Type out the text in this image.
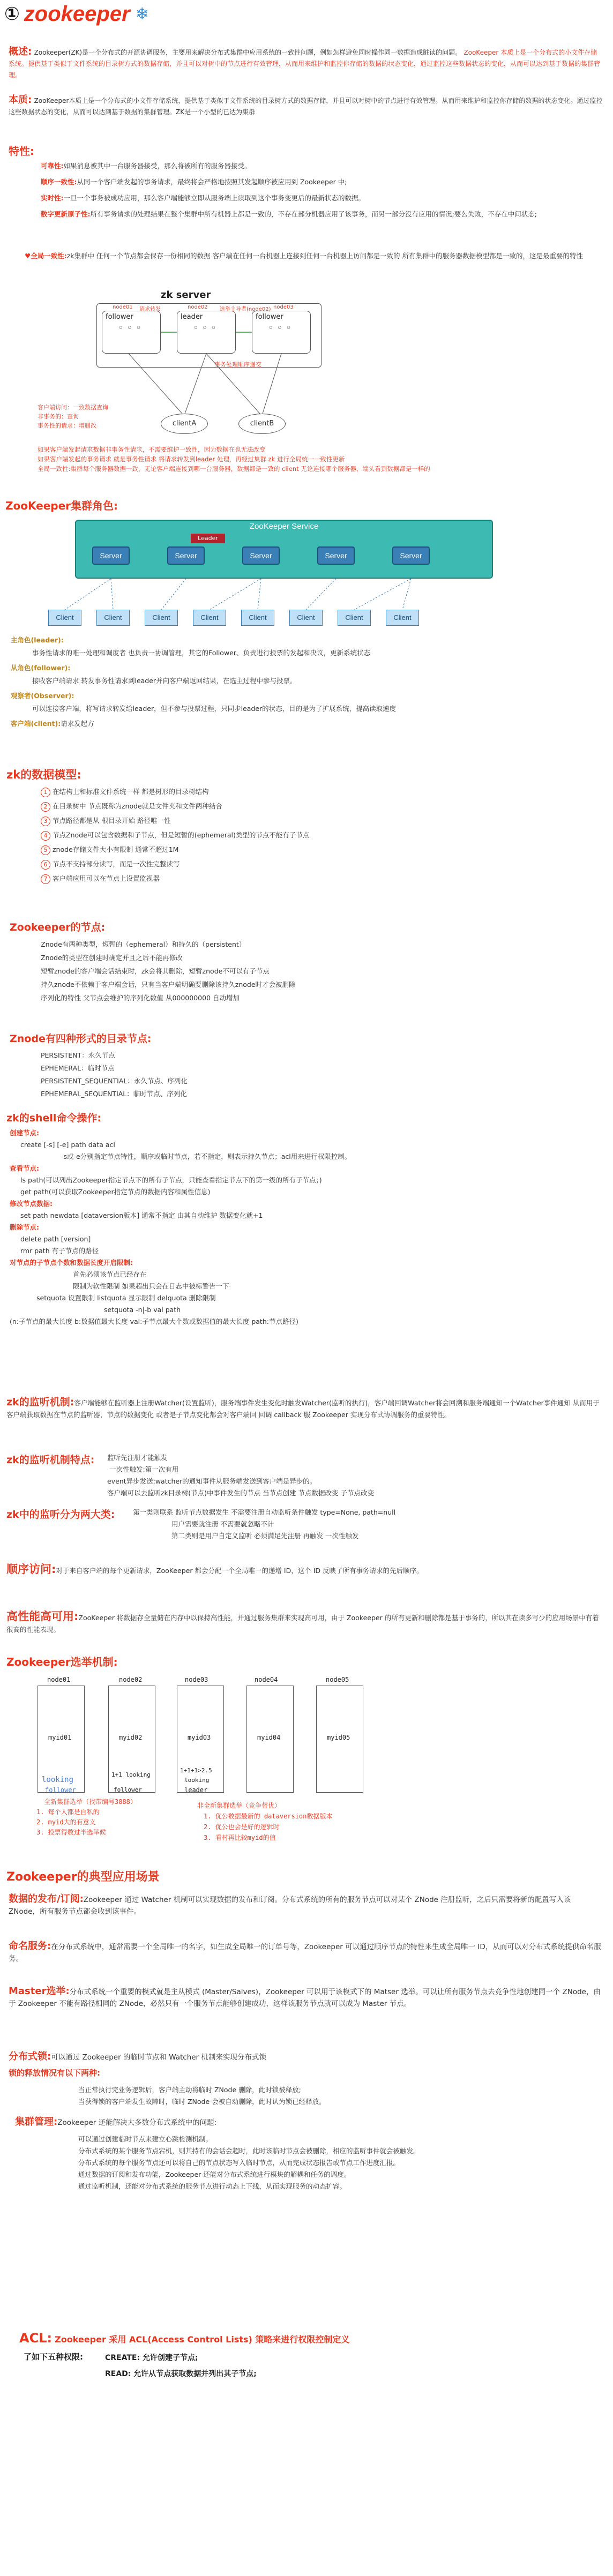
① zookeeper ❄
概述: Zookeeper(ZK)是一个分布式的开源协调服务，主要用来解决分布式集群中应用系统的一致性问题，例如怎样避免同时操作同一数据造成脏读的问题。 ZooKeeper 本质上是一个分布式的小文件存储系统。提供基于类似于文件系统的目录树方式的数据存储，并且可以对树中的节点进行有效管理，从而用来维护和监控你存储的数据的状态变化，通过监控这些数据状态的变化，从而可以达到基于数据的集群管理。
本质: ZooKeeper本质上是一个分布式的小文件存储系统，提供基于类似于文件系统的目录树方式的数据存储，并且可以对树中的节点进行有效管理。从而用来维护和监控你存储的数据的状态变化。通过监控这些数据状态的变化，从而可以达到基于数据的集群管理。ZK是一个小型的已达为集群
特性:
可靠性:如果消息被其中一台服务器接受，那么将被所有的服务器接受。
顺序一致性:从同一个客户端发起的事务请求，最终将会严格地按照其发起顺序被应用到 Zookeeper 中;
实时性:一旦一个事务被成功应用，那么客户端能够立即从服务端上读取到这个事务变更后的最新状态的数据。
数字更新原子性:所有事务请求的处理结果在整个集群中所有机器上都是一致的，不存在部分机器应用了该事务，而另一部分没有应用的情况;要么失败，不存在中间状态;
♥全局一致性:zk集群中 任何一个节点都会保存一份相同的数据 客户端在任何一台机器上连接到任何一台机器上访问都是一致的 所有集群中的服务器数据模型都是一致的，这是最重要的特性
zk server
follower
◦◦◦
leader
◦◦◦
follower
◦◦◦
node01 请求转发	node02 选举主导者(node02) node03
事务处理顺序递交
clientA	clientB
客户端访问：一致数据查询
非事务的：查询
事务性的请求：增删改
如果客户端发起请求数据非事务性请求，不需要维护一致性，因为数据在也无法改变
如果客户端发起的事务请求 就是事务性请求 将请求转发到leader 处理，再经过集群 zk 进行全局统一一致性更新
全局一致性:集群每个服务器数据一致，无论客户端连接到哪一台服务器，数据都是一致的 client 无论连接哪个服务器，端头看到数据都是一样的
ZooKeeper集群角色:
ZooKeeper Service
Leader
Server	Server	Server	Server	Server
Client	Client	Client	Client	Client	Client	Client	Client
主角色(leader):
事务性请求的唯一处理和调度者 也负责一协调管理，其它的Follower、负责进行投票的发起和决议，更新系统状态
从角色(follower):
接收客户端请求 转发事务性请求到leader并向客户端返回结果，在选主过程中参与投票。
观察者(Observer):
可以连接客户端，将写请求转发给leader，但不参与投票过程，只同步leader的状态，目的是为了扩展系统，提高读取速度
客户端(client):请求发起方
zk的数据模型:
1 在结构上和标准文件系统一样 都是树形的目录树结构
2 在目录树中 节点既称为znode就是文件夹和文件两种结合
3 节点路径都是从 根目录开始 路径唯一性
4 节点Znode可以包含数据和子节点，但是短暂的(ephemeral)类型的节点不能有子节点
5 znode存储文件大小有限制 通常不超过1M
6 节点不支持部分读写，而是一次性完整读写
7 客户端应用可以在节点上设置监视器
Zookeeper的节点:
Znode有两种类型，短暂的（ephemeral）和持久的（persistent）
Znode的类型在创建时确定并且之后不能再修改
短暂znode的客户端会话结束时，zk会将其删除，短暂znode不可以有子节点
持久znode不依赖于客户端会话，只有当客户端明确要删除该持久znode时才会被删除
序列化的特性 父节点会维护的序列化数值 从000000000 自动增加
Znode有四种形式的目录节点:
PERSISTENT：永久节点
EPHEMERAL：临时节点
PERSISTENT_SEQUENTIAL：永久节点、序列化
EPHEMERAL_SEQUENTIAL：临时节点、序列化
zk的shell命令操作:
创建节点:
create [-s] [-e] path data acl
-s或-e分别指定节点特性，顺序或临时节点，若不指定，则表示持久节点；acl用来进行权限控制。
查看节点:
ls path(可以列出Zookeeper指定节点下的所有子节点，只能查看指定节点下的第一级的所有子节点；)
get path(可以获取Zookeeper指定节点的数据内容和属性信息)
修改节点数据:
set path newdata [dataversion版本] 通常不指定 由其自动维护 数据变化就+1
删除节点:
delete path [version]
rmr path 有子节点的路径
对节点的子节点个数和数据长度开启限制:
首先必须该节点已经存在
限制为软性限制 如果超出只会在日志中被标警告一下
setquota 设置限制 listquota 显示限制 delquota 删除限制
setquota -n|-b val path
(n:子节点的最大长度 b:数据值最大长度 val:子节点最大个数或数据值的最大长度 path:节点路径)
zk的监听机制:客户端能够在监听器上注册Watcher(设置监听)，服务端事件发生变化时触发Watcher(监听的执行)，客户端回调Watcher将会回溯和服务端通知一个Watcher事件通知 从而用于客户端获取数据在节点的监听器，节点的数据变化 或者是子节点变化都会对客户端回 回调 callback 服 Zookeeper 实现分布式协调服务的重要特性。
zk的监听机制特点: 监听先注册才能触发
一次性触发:第一次有用
event异步发送:watcher的通知事件从服务端发送到客户端是异步的。
客户端可以去监听zk目录树(节点)中事件发生的节点 当节点创建 节点数据改变 子节点改变
zk中的监听分为两大类:	第一类则联系 监听节点数据发生 不需要注册自动监听条件触发 type=None, path=null
用户需要就注册 不需要就忽略不计
第二类则是用户自定义监听 必须满足先注册 再触发 一次性触发
顺序访问:对于来自客户端的每个更新请求，ZooKeeper 都会分配一个全局唯一的递增 ID，这个 ID 反映了所有事务请求的先后顺序。
高性能高可用:ZooKeeper 将数据存全量储在内存中以保持高性能，并通过服务集群来实现高可用，由于 Zookeeper 的所有更新和删除都是基于事务的，所以其在读多写少的应用场景中有着很高的性能表现。
Zookeeper选举机制:
node01	node02	node03	node04	node05
myid01	myid02	myid03	myid04	myid05
looking
follower
1+1 looking
follower
1+1+1>2.5
looking
leader
全新集群选举（找带编号3888）
1. 每个人都是自私的
2. myid大的有意义
3. 投票得数过半选举候
非全新集群选举（竞争替优）
1. 优公数据最新的 dataversion数据版本
2. 优公也会是好的逻辑时
3. 看村再比较myid的值
Zookeeper的典型应用场景
数据的发布/订阅:Zookeeper 通过 Watcher 机制可以实现数据的发布和订阅。分布式系统的所有的服务节点可以对某个 ZNode 注册监听，之后只需要将新的配置写入该 ZNode，所有服务节点都会收到该事件。
命名服务:在分布式系统中，通常需要一个全局唯一的名字，如生成全局唯一的订单号等，Zookeeper 可以通过顺序节点的特性来生成全局唯一 ID，从而可以对分布式系统提供命名服务。
Master选举:分布式系统一个重要的模式就是主从模式 (Master/Salves)，Zookeeper 可以用于该模式下的 Matser 选举。可以让所有服务节点去竞争性地创建同一个 ZNode，由于 Zookeeper 不能有路径相同的 ZNode，必然只有一个服务节点能够创建成功，这样该服务节点就可以成为 Master 节点。
分布式锁:可以通过 Zookeeper 的临时节点和 Watcher 机制来实现分布式锁
锁的释放情况有以下两种:
当正常执行完业务逻辑后，客户端主动将临时 ZNode 删除，此时锁被释放;
当获得锁的客户端发生故障时，临时 ZNode 会被自动删除，此时认为锁已经释放。
集群管理:Zookeeper 还能解决大多数分布式系统中的问题:
可以通过创建临时节点来建立心跳检测机制。
分布式系统的某个服务节点宕机，则其持有的会话会超时，此时该临时节点会被删除，相应的监听事件就会被触发。
分布式系统的每个服务节点还可以将自己的节点状态写入临时节点，从而完成状态报告或节点工作进度汇报。
通过数据的订阅和发布功能，Zookeeper 还能对分布式系统进行模块的解耦和任务的调度。
通过监听机制，还能对分布式系统的服务节点进行动态上下线，从而实现服务的动态扩容。
ACL: Zookeeper 采用 ACL(Access Control Lists) 策略来进行权限控制定义
了如下五种权限:	CREATE: 允许创建子节点;
READ: 允许从节点获取数据并列出其子节点;
